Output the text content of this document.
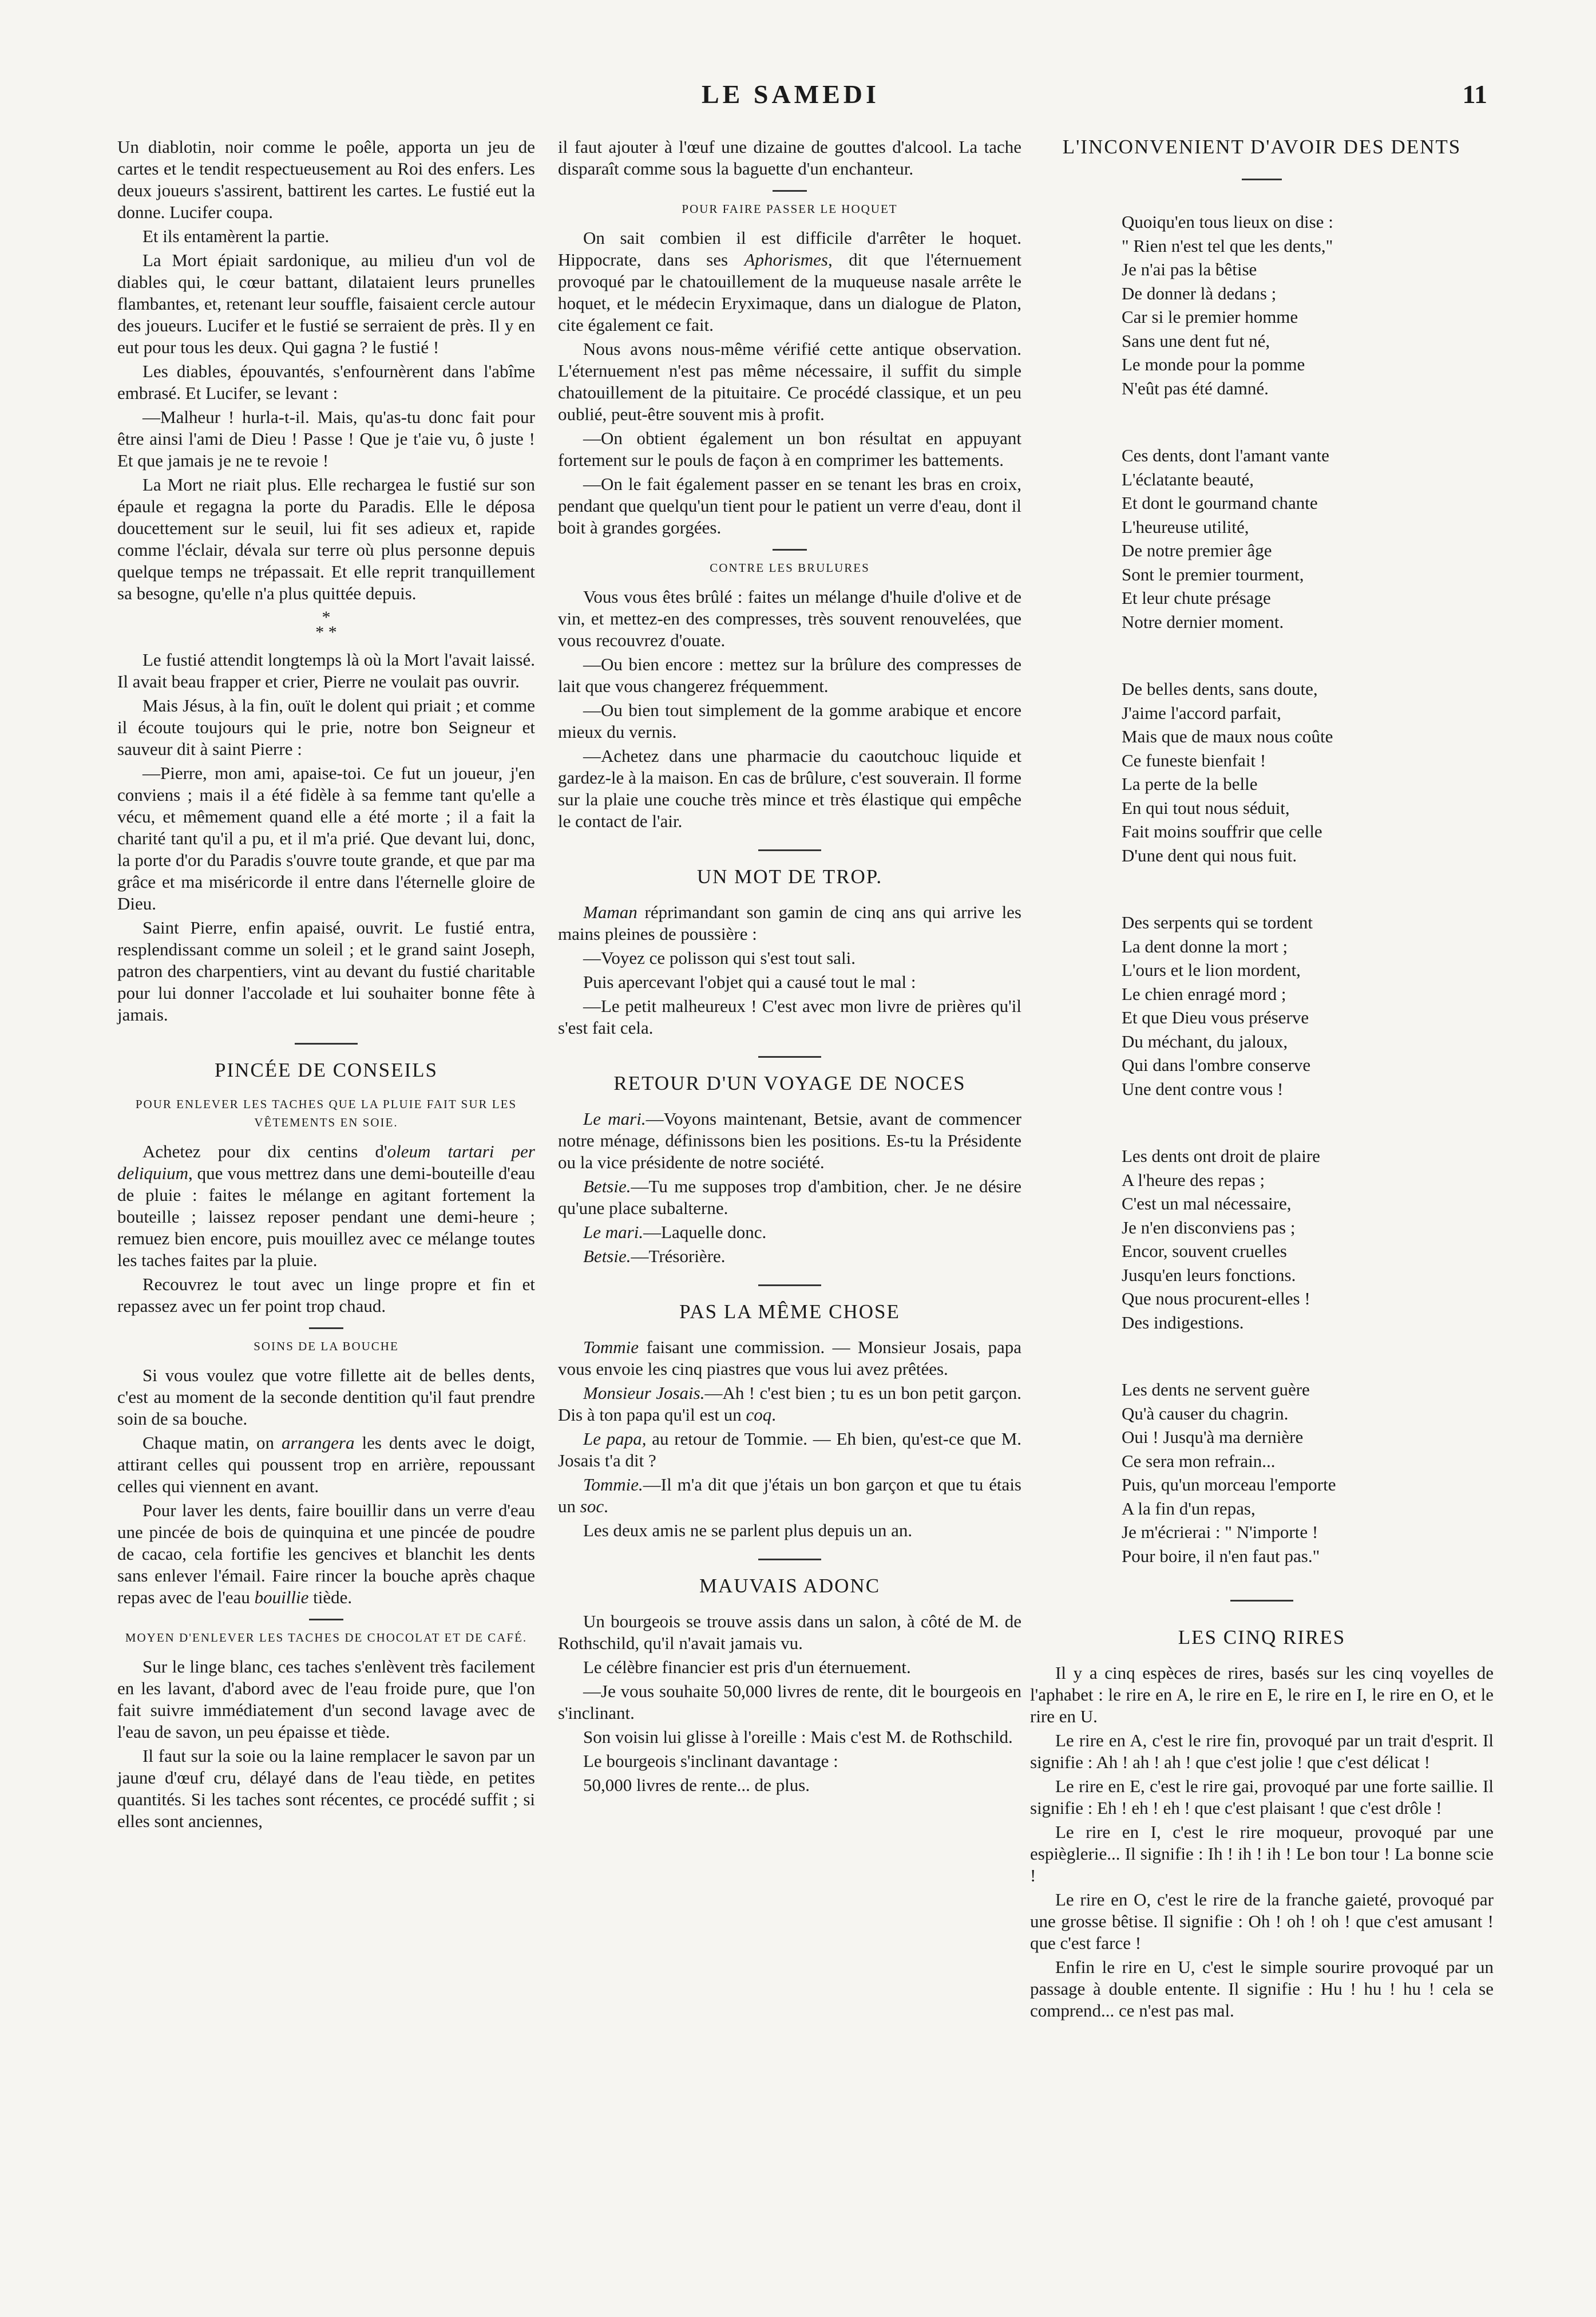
LE SAMEDI	11

Un diablotin, noir comme le poêle, apporta un jeu de cartes et le tendit respectueusement au Roi des enfers. Les deux joueurs s'assirent, battirent les cartes. Le fustié eut la donne. Lucifer coupa.

Et ils entamèrent la partie.

La Mort épiait sardonique, au milieu d'un vol de diables qui, le cœur battant, dilataient leurs prunelles flambantes, et, retenant leur souffle, faisaient cercle autour des joueurs. Lucifer et le fustié se serraient de près. Il y en eut pour tous les deux. Qui gagna ? le fustié !

Les diables, épouvantés, s'enfournèrent dans l'abîme embrasé. Et Lucifer, se levant :

—Malheur ! hurla-t-il. Mais, qu'as-tu donc fait pour être ainsi l'ami de Dieu ! Passe ! Que je t'aie vu, ô juste ! Et que jamais je ne te revoie !

La Mort ne riait plus. Elle rechargea le fustié sur son épaule et regagna la porte du Paradis. Elle le déposa doucettement sur le seuil, lui fit ses adieux et, rapide comme l'éclair, dévala sur terre où plus personne depuis quelque temps ne trépassait. Et elle reprit tranquillement sa besogne, qu'elle n'a plus quittée depuis.

*
* *

Le fustié attendit longtemps là où la Mort l'avait laissé. Il avait beau frapper et crier, Pierre ne voulait pas ouvrir.

Mais Jésus, à la fin, ouït le dolent qui priait ; et comme il écoute toujours qui le prie, notre bon Seigneur et sauveur dit à saint Pierre :

—Pierre, mon ami, apaise-toi. Ce fut un joueur, j'en conviens ; mais il a été fidèle à sa femme tant qu'elle a vécu, et mêmement quand elle a été morte ; il a fait la charité tant qu'il a pu, et il m'a prié. Que devant lui, donc, la porte d'or du Paradis s'ouvre toute grande, et que par ma grâce et ma miséricorde il entre dans l'éternelle gloire de Dieu.

Saint Pierre, enfin apaisé, ouvrit. Le fustié entra, resplendissant comme un soleil ; et le grand saint Joseph, patron des charpentiers, vint au devant du fustié charitable pour lui donner l'accolade et lui souhaiter bonne fête à jamais.

PINCÉE DE CONSEILS
POUR ENLEVER LES TACHES QUE LA PLUIE FAIT SUR LES VÊTEMENTS EN SOIE.

Achetez pour dix centins d'oleum tartari per deliquium, que vous mettrez dans une demi-bouteille d'eau de pluie : faites le mélange en agitant fortement la bouteille ; laissez reposer pendant une demi-heure ; remuez bien encore, puis mouillez avec ce mélange toutes les taches faites par la pluie.

Recouvrez le tout avec un linge propre et fin et repassez avec un fer point trop chaud.

SOINS DE LA BOUCHE

Si vous voulez que votre fillette ait de belles dents, c'est au moment de la seconde dentition qu'il faut prendre soin de sa bouche.

Chaque matin, on arrangera les dents avec le doigt, attirant celles qui poussent trop en arrière, repoussant celles qui viennent en avant.

Pour laver les dents, faire bouillir dans un verre d'eau une pincée de bois de quinquina et une pincée de poudre de cacao, cela fortifie les gencives et blanchit les dents sans enlever l'émail. Faire rincer la bouche après chaque repas avec de l'eau bouillie tiède.

MOYEN D'ENLEVER LES TACHES DE CHOCOLAT ET DE CAFÉ.

Sur le linge blanc, ces taches s'enlèvent très facilement en les lavant, d'abord avec de l'eau froide pure, que l'on fait suivre immédiatement d'un second lavage avec de l'eau de savon, un peu épaisse et tiède.

Il faut sur la soie ou la laine remplacer le savon par un jaune d'œuf cru, délayé dans de l'eau tiède, en petites quantités. Si les taches sont récentes, ce procédé suffit ; si elles sont anciennes,

il faut ajouter à l'œuf une dizaine de gouttes d'alcool. La tache disparaît comme sous la baguette d'un enchanteur.

POUR FAIRE PASSER LE HOQUET

On sait combien il est difficile d'arrêter le hoquet. Hippocrate, dans ses Aphorismes, dit que l'éternuement provoqué par le chatouillement de la muqueuse nasale arrête le hoquet, et le médecin Eryximaque, dans un dialogue de Platon, cite également ce fait.

Nous avons nous-même vérifié cette antique observation. L'éternuement n'est pas même nécessaire, il suffit du simple chatouillement de la pituitaire. Ce procédé classique, et un peu oublié, peut-être souvent mis à profit.

—On obtient également un bon résultat en appuyant fortement sur le pouls de façon à en comprimer les battements.

—On le fait également passer en se tenant les bras en croix, pendant que quelqu'un tient pour le patient un verre d'eau, dont il boit à grandes gorgées.

CONTRE LES BRULURES

Vous vous êtes brûlé : faites un mélange d'huile d'olive et de vin, et mettez-en des compresses, très souvent renouvelées, que vous recouvrez d'ouate.

—Ou bien encore : mettez sur la brûlure des compresses de lait que vous changerez fréquemment.

—Ou bien tout simplement de la gomme arabique et encore mieux du vernis.

—Achetez dans une pharmacie du caoutchouc liquide et gardez-le à la maison. En cas de brûlure, c'est souverain. Il forme sur la plaie une couche très mince et très élastique qui empêche le contact de l'air.

UN MOT DE TROP.

Maman réprimandant son gamin de cinq ans qui arrive les mains pleines de poussière :

—Voyez ce polisson qui s'est tout sali.

Puis apercevant l'objet qui a causé tout le mal :

—Le petit malheureux ! C'est avec mon livre de prières qu'il s'est fait cela.

RETOUR D'UN VOYAGE DE NOCES

Le mari.—Voyons maintenant, Betsie, avant de commencer notre ménage, définissons bien les positions. Es-tu la Présidente ou la vice présidente de notre société.

Betsie.—Tu me supposes trop d'ambition, cher. Je ne désire qu'une place subalterne.

Le mari.—Laquelle donc.

Betsie.—Trésorière.

PAS LA MÊME CHOSE

Tommie faisant une commission. — Monsieur Josais, papa vous envoie les cinq piastres que vous lui avez prêtées.

Monsieur Josais.—Ah ! c'est bien ; tu es un bon petit garçon. Dis à ton papa qu'il est un coq.

Le papa, au retour de Tommie. — Eh bien, qu'est-ce que M. Josais t'a dit ?

Tommie.—Il m'a dit que j'étais un bon garçon et que tu étais un soc.

Les deux amis ne se parlent plus depuis un an.

MAUVAIS ADONC

Un bourgeois se trouve assis dans un salon, à côté de M. de Rothschild, qu'il n'avait jamais vu.

Le célèbre financier est pris d'un éternuement.

—Je vous souhaite 50,000 livres de rente, dit le bourgeois en s'inclinant.

Son voisin lui glisse à l'oreille : Mais c'est M. de Rothschild.

Le bourgeois s'inclinant davantage :

50,000 livres de rente... de plus.

L'INCONVENIENT D'AVOIR DES DENTS
Quoiqu'en tous lieux on dise :
" Rien n'est tel que les dents,"
Je n'ai pas la bêtise
De donner là dedans ;
Car si le premier homme
Sans une dent fut né,
Le monde pour la pomme
N'eût pas été damné.
Ces dents, dont l'amant vante
L'éclatante beauté,
Et dont le gourmand chante
L'heureuse utilité,
De notre premier âge
Sont le premier tourment,
Et leur chute présage
Notre dernier moment.
De belles dents, sans doute,
J'aime l'accord parfait,
Mais que de maux nous coûte
Ce funeste bienfait !
La perte de la belle
En qui tout nous séduit,
Fait moins souffrir que celle
D'une dent qui nous fuit.
Des serpents qui se tordent
La dent donne la mort ;
L'ours et le lion mordent,
Le chien enragé mord ;
Et que Dieu vous préserve
Du méchant, du jaloux,
Qui dans l'ombre conserve
Une dent contre vous !
Les dents ont droit de plaire
A l'heure des repas ;
C'est un mal nécessaire,
Je n'en disconviens pas ;
Encor, souvent cruelles
Jusqu'en leurs fonctions.
Que nous procurent-elles !
Des indigestions.
Les dents ne servent guère
Qu'à causer du chagrin.
Oui ! Jusqu'à ma dernière
Ce sera mon refrain...
Puis, qu'un morceau l'emporte
A la fin d'un repas,
Je m'écrierai : " N'importe !
Pour boire, il n'en faut pas."
LES CINQ RIRES

Il y a cinq espèces de rires, basés sur les cinq voyelles de l'aphabet : le rire en A, le rire en E, le rire en I, le rire en O, et le rire en U.

Le rire en A, c'est le rire fin, provoqué par un trait d'esprit. Il signifie : Ah ! ah ! ah ! que c'est jolie ! que c'est délicat !

Le rire en E, c'est le rire gai, provoqué par une forte saillie. Il signifie : Eh ! eh ! eh ! que c'est plaisant ! que c'est drôle !

Le rire en I, c'est le rire moqueur, provoqué par une espièglerie... Il signifie : Ih ! ih ! ih ! Le bon tour ! La bonne scie !

Le rire en O, c'est le rire de la franche gaieté, provoqué par une grosse bêtise. Il signifie : Oh ! oh ! oh ! que c'est amusant ! que c'est farce !

Enfin le rire en U, c'est le simple sourire provoqué par un passage à double entente. Il signifie : Hu ! hu ! hu ! cela se comprend... ce n'est pas mal.
